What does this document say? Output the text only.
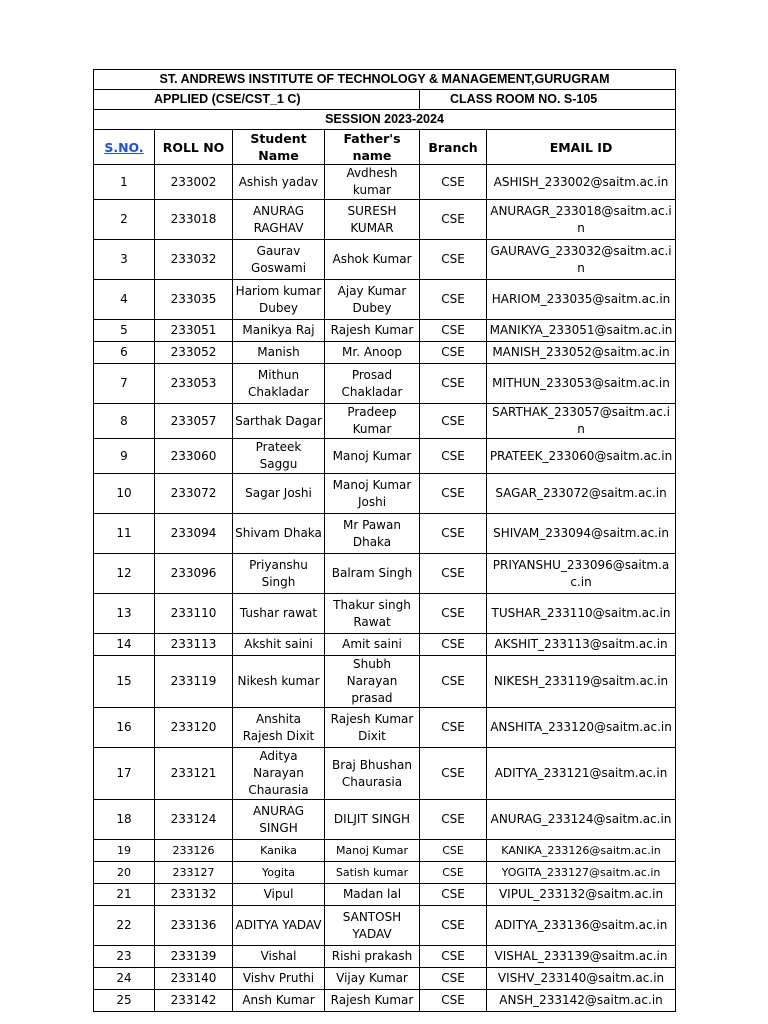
ST. ANDREWS INSTITUTE OF TECHNOLOGY & MANAGEMENT,GURUGRAM					
APPLIED (CSE/CST_1 C)				CLASS ROOM NO. S-105	
SESSION 2023-2024					
S.NO.	ROLL NO	Student Name	Father's name	Branch	EMAIL ID
1	233002	Ashish yadav	Avdhesh kumar	CSE	ASHISH_233002@saitm.ac.in
2	233018	ANURAG RAGHAV	SURESH KUMAR	CSE	ANURAGR_233018@saitm.ac.in
3	233032	Gaurav Goswami	Ashok Kumar	CSE	GAURAVG_233032@saitm.ac.in
4	233035	Hariom kumar Dubey	Ajay Kumar Dubey	CSE	HARIOM_233035@saitm.ac.in
5	233051	Manikya Raj	Rajesh Kumar	CSE	MANIKYA_233051@saitm.ac.in
6	233052	Manish	Mr. Anoop	CSE	MANISH_233052@saitm.ac.in
7	233053	Mithun Chakladar	Prosad Chakladar	CSE	MITHUN_233053@saitm.ac.in
8	233057	Sarthak Dagar	Pradeep Kumar	CSE	SARTHAK_233057@saitm.ac.in
9	233060	Prateek Saggu	Manoj Kumar	CSE	PRATEEK_233060@saitm.ac.in
10	233072	Sagar Joshi	Manoj Kumar Joshi	CSE	SAGAR_233072@saitm.ac.in
11	233094	Shivam Dhaka	Mr Pawan Dhaka	CSE	SHIVAM_233094@saitm.ac.in
12	233096	Priyanshu Singh	Balram Singh	CSE	PRIYANSHU_233096@saitm.ac.in
13	233110	Tushar rawat	Thakur singh Rawat	CSE	TUSHAR_233110@saitm.ac.in
14	233113	Akshit saini	Amit saini	CSE	AKSHIT_233113@saitm.ac.in
15	233119	Nikesh kumar	Shubh Narayan prasad	CSE	NIKESH_233119@saitm.ac.in
16	233120	Anshita Rajesh Dixit	Rajesh Kumar Dixit	CSE	ANSHITA_233120@saitm.ac.in
17	233121	Aditya Narayan Chaurasia	Braj Bhushan Chaurasia	CSE	ADITYA_233121@saitm.ac.in
18	233124	ANURAG SINGH	DILJIT SINGH	CSE	ANURAG_233124@saitm.ac.in
19	233126	Kanika	Manoj Kumar	CSE	KANIKA_233126@saitm.ac.in
20	233127	Yogita	Satish kumar	CSE	YOGITA_233127@saitm.ac.in
21	233132	Vipul	Madan lal	CSE	VIPUL_233132@saitm.ac.in
22	233136	ADITYA YADAV	SANTOSH YADAV	CSE	ADITYA_233136@saitm.ac.in
23	233139	Vishal	Rishi prakash	CSE	VISHAL_233139@saitm.ac.in
24	233140	Vishv Pruthi	Vijay Kumar	CSE	VISHV_233140@saitm.ac.in
25	233142	Ansh Kumar	Rajesh Kumar	CSE	ANSH_233142@saitm.ac.in
